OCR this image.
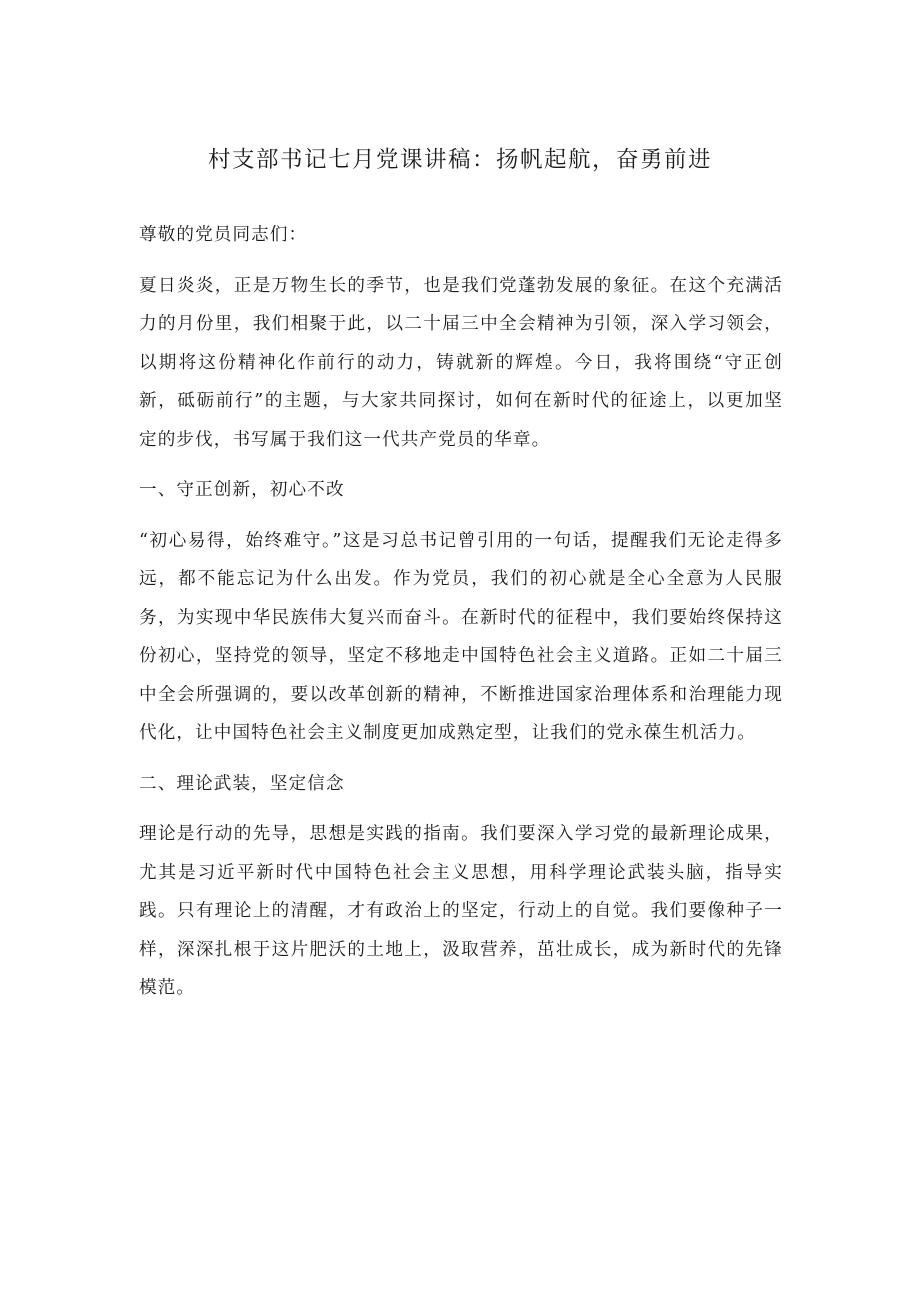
村支部书记七月党课讲稿：扬帆起航，奋勇前进

尊敬的党员同志们：

夏日炎炎，正是万物生长的季节，也是我们党蓬勃发展的象征。在这个充满活力的月份里，我们相聚于此，以二十届三中全会精神为引领，深入学习领会，以期将这份精神化作前行的动力，铸就新的辉煌。今日，我将围绕“守正创新，砥砺前行”的主题，与大家共同探讨，如何在新时代的征途上，以更加坚定的步伐，书写属于我们这一代共产党员的华章。

一、守正创新，初心不改

“初心易得，始终难守。”这是习总书记曾引用的一句话，提醒我们无论走得多远，都不能忘记为什么出发。作为党员，我们的初心就是全心全意为人民服务，为实现中华民族伟大复兴而奋斗。在新时代的征程中，我们要始终保持这份初心，坚持党的领导，坚定不移地走中国特色社会主义道路。正如二十届三中全会所强调的，要以改革创新的精神，不断推进国家治理体系和治理能力现代化，让中国特色社会主义制度更加成熟定型，让我们的党永葆生机活力。

二、理论武装，坚定信念

理论是行动的先导，思想是实践的指南。我们要深入学习党的最新理论成果，尤其是习近平新时代中国特色社会主义思想，用科学理论武装头脑，指导实践。只有理论上的清醒，才有政治上的坚定，行动上的自觉。我们要像种子一样，深深扎根于这片肥沃的土地上，汲取营养，茁壮成长，成为新时代的先锋模范。
